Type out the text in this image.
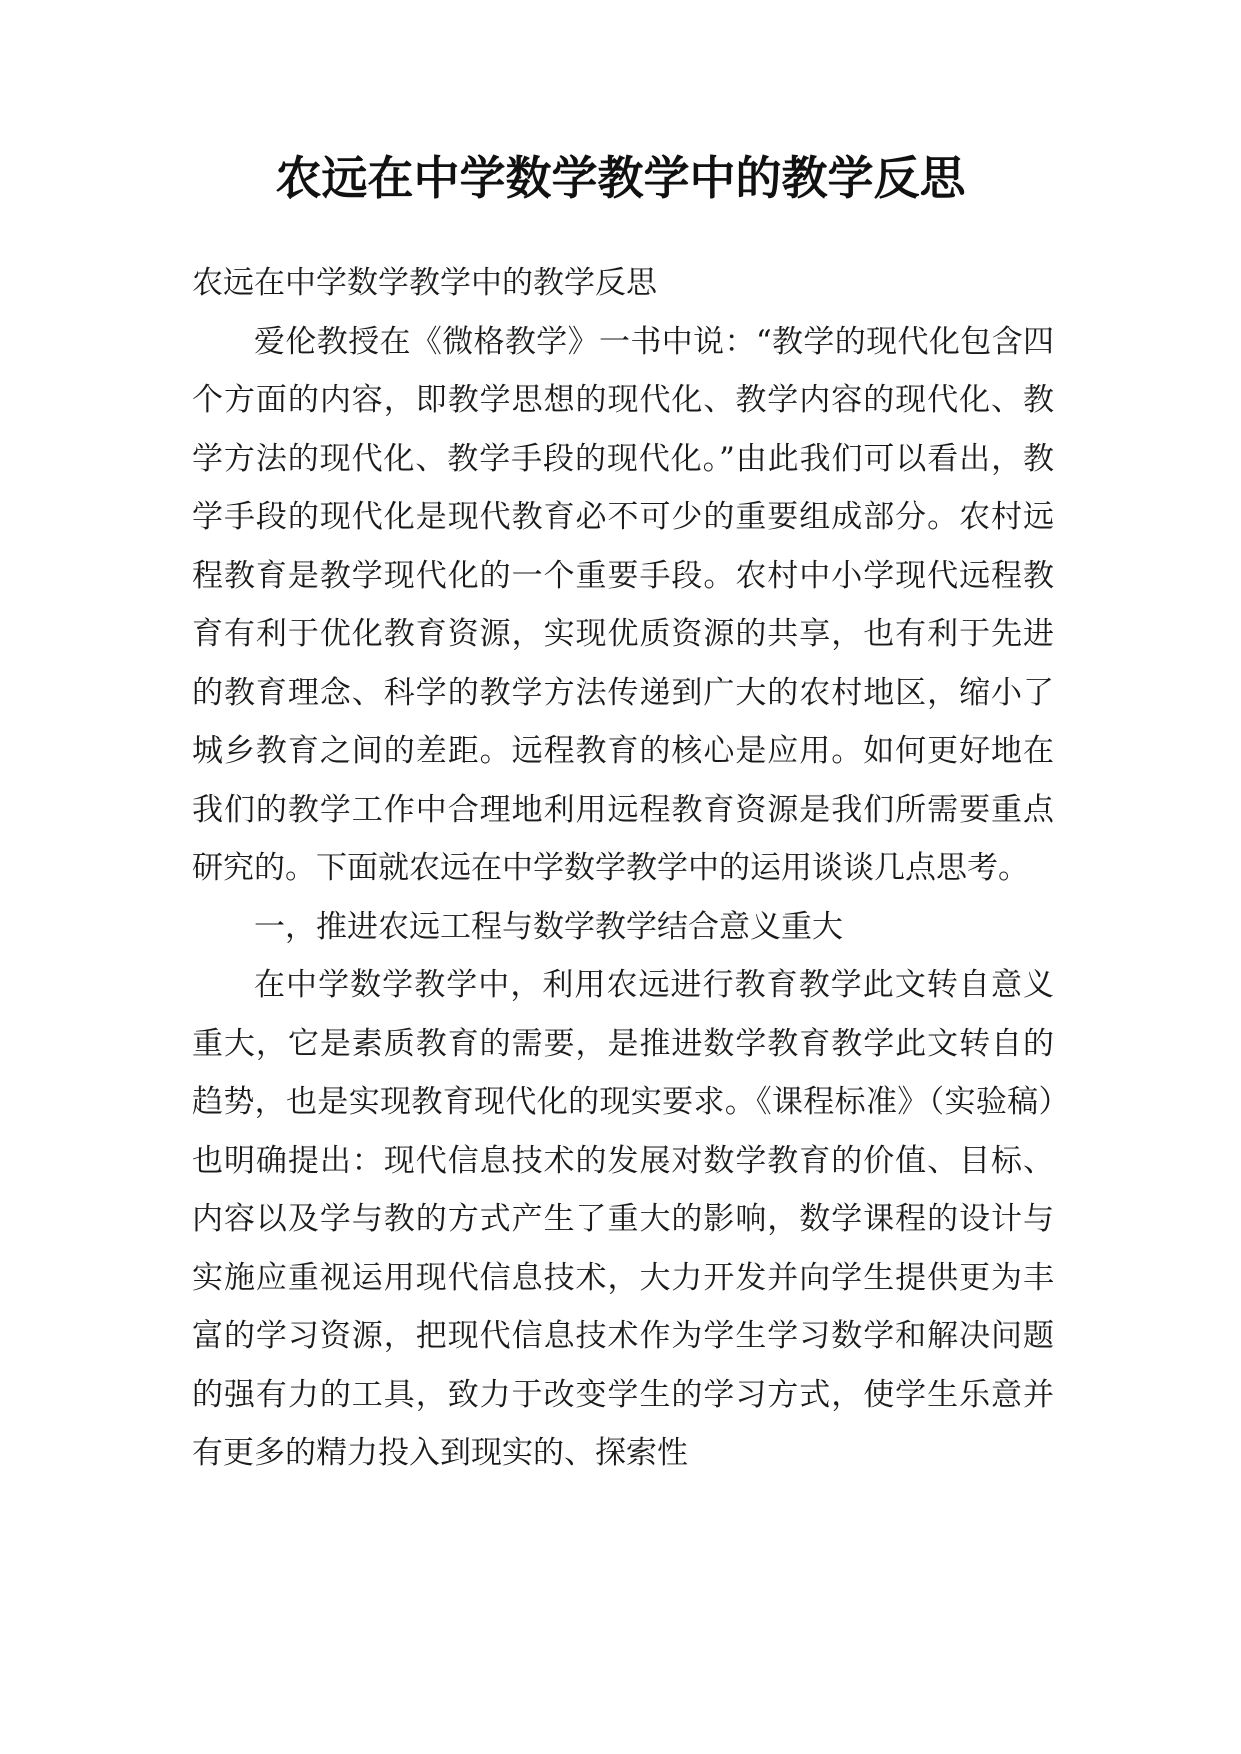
农远在中学数学教学中的教学反思

农远在中学数学教学中的教学反思

爱伦教授在《微格教学》一书中说：“教学的现代化包含四个方面的内容，即教学思想的现代化、教学内容的现代化、教学方法的现代化、教学手段的现代化。”由此我们可以看出，教学手段的现代化是现代教育必不可少的重要组成部分。农村远程教育是教学现代化的一个重要手段。农村中小学现代远程教育有利于优化教育资源，实现优质资源的共享，也有利于先进的教育理念、科学的教学方法传递到广大的农村地区，缩小了城乡教育之间的差距。远程教育的核心是应用。如何更好地在我们的教学工作中合理地利用远程教育资源是我们所需要重点研究的。下面就农远在中学数学教学中的运用谈谈几点思考。

一，推进农远工程与数学教学结合意义重大

在中学数学教学中，利用农远进行教育教学此文转自意义重大，它是素质教育的需要，是推进数学教育教学此文转自的趋势，也是实现教育现代化的现实要求。《课程标准》（实验稿）也明确提出：现代信息技术的发展对数学教育的价值、目标、内容以及学与教的方式产生了重大的影响，数学课程的设计与实施应重视运用现代信息技术，大力开发并向学生提供更为丰富的学习资源，把现代信息技术作为学生学习数学和解决问题的强有力的工具，致力于改变学生的学习方式，使学生乐意并有更多的精力投入到现实的、探索性
